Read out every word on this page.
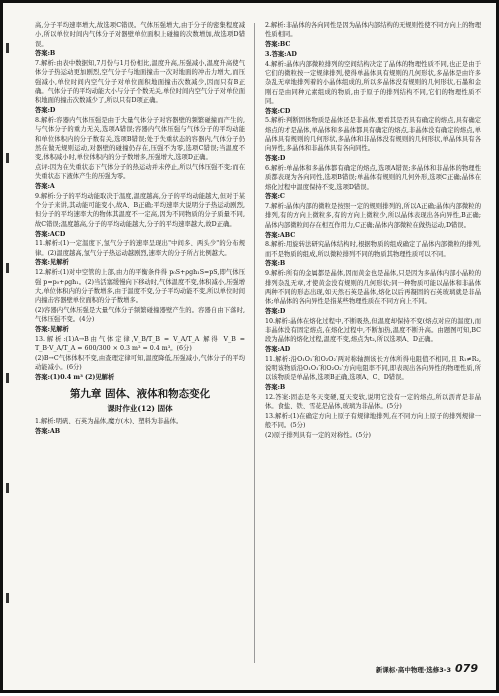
高,分子平均速率增大,故选项C错误。气体压强增大,由于分子的密集程度减小,所以单位时间内气体分子对器壁单位面积上碰撞的次数增加,故选项D错误。
答案:B
7.解析:由表中数据知,7月份与1月份相比,温度升高,压强减小,温度升高使气体分子热运动更加剧烈,空气分子与地面撞击一次对地面的冲击力增大,而压强减小,单位时间内空气分子对单位面积地面撞击次数减少,因而只有B正确。气体分子的平均动能大小与分子个数无关,单位时间内空气分子对单位面积地面的撞击次数减少了,所以只有D项正确。
答案:D
8.解析:容器内气体压强是由于大量气体分子对容器壁的频繁碰撞而产生的,与气体分子的重力无关,选项A错误;容器内气体压强与气体分子的平均动能和单位体积内的分子数有关,选项B错误;处于失重状态的容器内,气体分子仍然在做无规则运动,对器壁的碰撞仍存在,压强不为零,选项C错误;当温度不变,体积减小时,单位体积内的分子数增多,压强增大,选项D正确。
点评:因为在失重状态下气体分子的热运动并未停止,所以气体压强不变;而在失重状态下液体产生的压强为零。
答案:A
9.解析:分子的平均动能取决于温度,温度越高,分子的平均动能越大,但对于某个分子来讲,其动能可能变小,故A、B正确;平均速率大说明分子热运动剧烈,但分子的平均速率大的物体其温度不一定高,因为不同物质的分子质量不同,故C错误;温度越高,分子的平均动能越大,分子的平均速率越大,故D正确。
答案:ACD
11.解析:(1)一定温度下,氢气分子的速率呈现出"中间多、两头少"的分布规律。(2)温度越高,氢气分子热运动越剧烈,速率大的分子所占比例越大。
答案:见解析
12.解析:(1)对中空管的上部,由力的平衡条件得 p₀S+ρgh₁S=pS,即气体压强 p=p₀+ρgh₁。(2)当活塞缓慢向下移动时,气体温度不变,体积减小,压强增大,单位体积内的分子数增多,由于温度不变,分子平均动能不变,所以单位时间内撞击容器壁单位面积的分子数增多。
(2)容器内气体压强是大量气体分子频繁碰撞器壁产生的。容器自由下落时,气体压强不变。(4分)
答案:见解析
13.解析:(1)A→B由气体定律,V_B/T_B = V_A/T_A 解得 V_B = T_B·V_A/T_A = 600/300 × 0.3 m³ = 0.4 m³。(6分)
(2)B→C气体体积不变,由查理定律可知,温度降低,压强减小,气体分子的平均动能减小。(6分)
答案:(1)0.4 m³ (2)见解析
第九章 固体、液体和物态变化
课时作业(12) 固体
1.解析:明矾、石英为晶体,魔方(木)、塑料为非晶体。
答案:AB
2.解析:非晶体的各向同性是因为晶体内部结构的无规则性使不同方向上的物理性质相同。
答案:BC
3.答案:AD
4.解析:晶体内部微粒排列的空间结构决定了晶体的物理性质不同,也正是由于它们的微粒按一定规律排列,使得单晶体具有规则的几何形状,多晶体是由许多杂乱无章地排列着的小晶体组成的,所以多晶体没有规则的几何形状,石墨和金刚石是由同种元素组成的物质,由于原子的排列结构不同,它们的物理性质不同。
答案:CD
5.解析:判断固体物质是晶体还是非晶体,要看其是否具有确定的熔点,具有确定熔点的才是晶体,单晶体和多晶体都具有确定的熔点,非晶体没有确定的熔点,单晶体具有规则的几何形状,多晶体和非晶体没有规则的几何形状,单晶体具有各向异性,多晶体和非晶体具有各向同性。
答案:D
6.解析:单晶体和多晶体都有确定的熔点,选项A错误;多晶体和非晶体的物理性质都表现为各向同性,选项B错误;单晶体有规则的几何外形,选项C正确;晶体在熔化过程中温度保持不变,选项D错误。
答案:C
7.解析:晶体内部的微粒是按照一定的规则排列的,所以A正确;晶体内部微粒的排列,有的方向上微粒多,有的方向上微粒少,所以晶体表现出各向异性,B正确;晶体内部微粒间存在相互作用力,C正确;晶体内部微粒在做热运动,D错误。
答案:ABC
8.解析:用旋转法研究晶体结构时,根据物质的组成确定了晶体内部微粒的排列,而不是物质的组成,所以微粒排列不同的物质其物理性质可以不同。
答案:B
9.解析:所有的金属都是晶体,因而黄金也是晶体,只是因为多晶体内部小晶粒的排列杂乱无章,才使黄金没有规则的几何形状;同一种物质可能以晶体和非晶体两种不同的形态出现,如天然石英是晶体,熔化以后再凝固的石英玻璃就是非晶体;单晶体的各向异性是指某些物理性质在不同方向上不同。
答案:D
10.解析:晶体在熔化过程中,不断吸热,但温度却保持不变(熔点对应的温度),而非晶体没有固定熔点,在熔化过程中,不断加热,温度不断升高。由题图可知,BC段为晶体的熔化过程,温度不变,熔点为t₂,所以选项A、D正确。
答案:AD
11.解析:沿O₁O₁′和O₂O₂′两对称轴测该长方体所得电阻值不相同,且 R₁≠R₂,说明该物质沿O₁O₁′和O₂O₂′方向电阻率不同,即表现出各向异性的物理性质,所以该物质是单晶体,选项B正确,选项A、C、D错误。
答案:B
12.答案:固态是冬天变硬,夏天变软,说明它没有一定的熔点,所以沥青是非晶体。食盐、铁、雪花是晶体,玻璃为非晶体。(5分)
13.解析:(1)在确定方向上原子有规律地排列,在不同方向上原子的排列规律一般不同。(5分)
(2)原子排列具有一定的对称性。(5分)
新课标·高中物理·选修3-3 079
